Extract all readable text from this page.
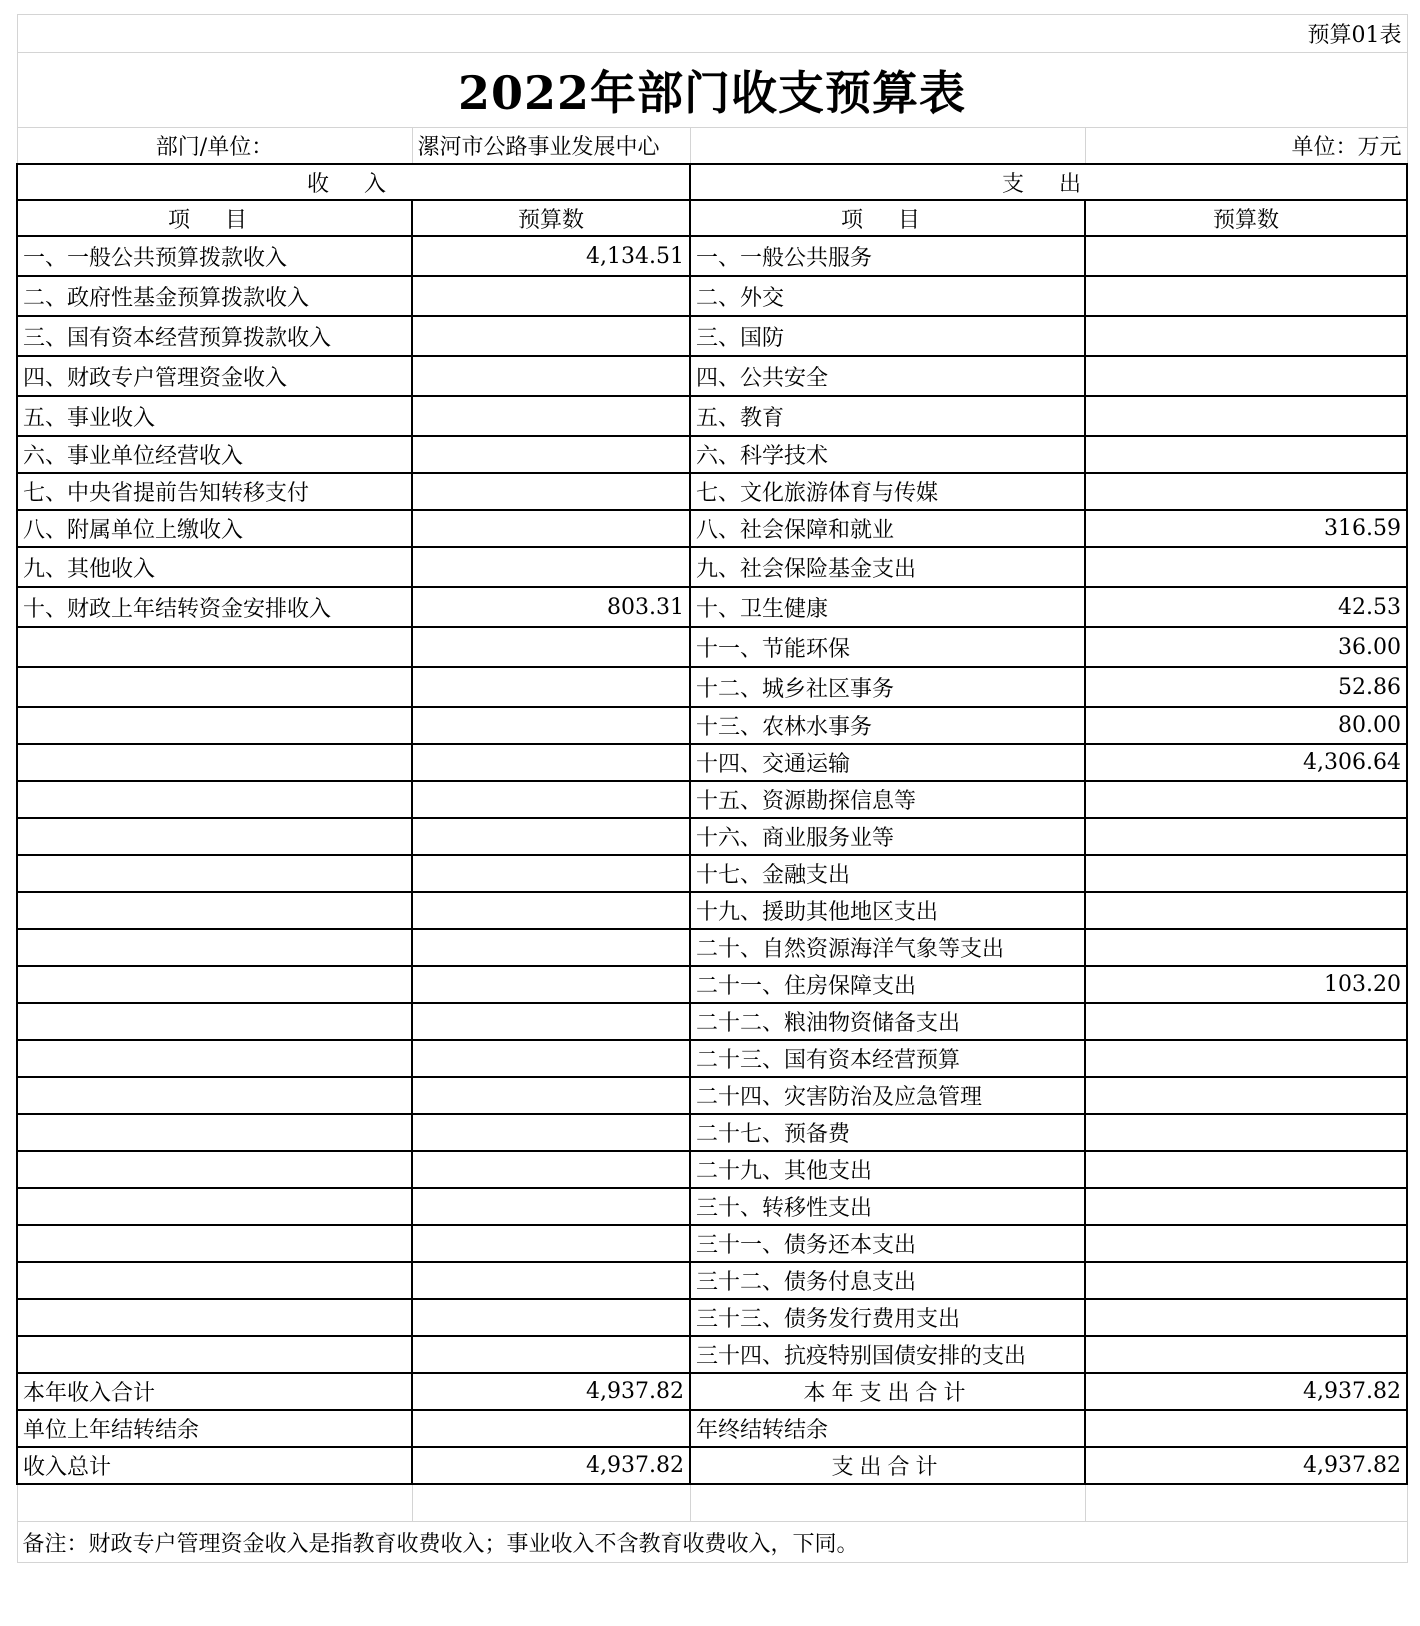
预算01表			
2022年部门收支预算表			
部门/单位：	漯河市公路事业发展中心		单位：万元
收 入		支 出	
项 目	预算数	项 目	预算数
一、一般公共预算拨款收入	4,134.51	一、一般公共服务	
二、政府性基金预算拨款收入		二、外交	
三、国有资本经营预算拨款收入		三、国防	
四、财政专户管理资金收入		四、公共安全	
五、事业收入		五、教育	
六、事业单位经营收入		六、科学技术	
七、中央省提前告知转移支付		七、文化旅游体育与传媒	
八、附属单位上缴收入		八、社会保障和就业	316.59
九、其他收入		九、社会保险基金支出	
十、财政上年结转资金安排收入	803.31	十、卫生健康	42.53
		十一、节能环保	36.00
		十二、城乡社区事务	52.86
		十三、农林水事务	80.00
		十四、交通运输	4,306.64
		十五、资源勘探信息等	
		十六、商业服务业等	
		十七、金融支出	
		十九、援助其他地区支出	
		二十、自然资源海洋气象等支出	
		二十一、住房保障支出	103.20
		二十二、粮油物资储备支出	
		二十三、国有资本经营预算	
		二十四、灾害防治及应急管理	
		二十七、预备费	
		二十九、其他支出	
		三十、转移性支出	
		三十一、债务还本支出	
		三十二、债务付息支出	
		三十三、债务发行费用支出	
		三十四、抗疫特别国债安排的支出	
本年收入合计	4,937.82	本年支出合计	4,937.82
单位上年结转结余		年终结转结余	
收入总计	4,937.82	支出合计	4,937.82

备注：财政专户管理资金收入是指教育收费收入；事业收入不含教育收费收入，下同。			
